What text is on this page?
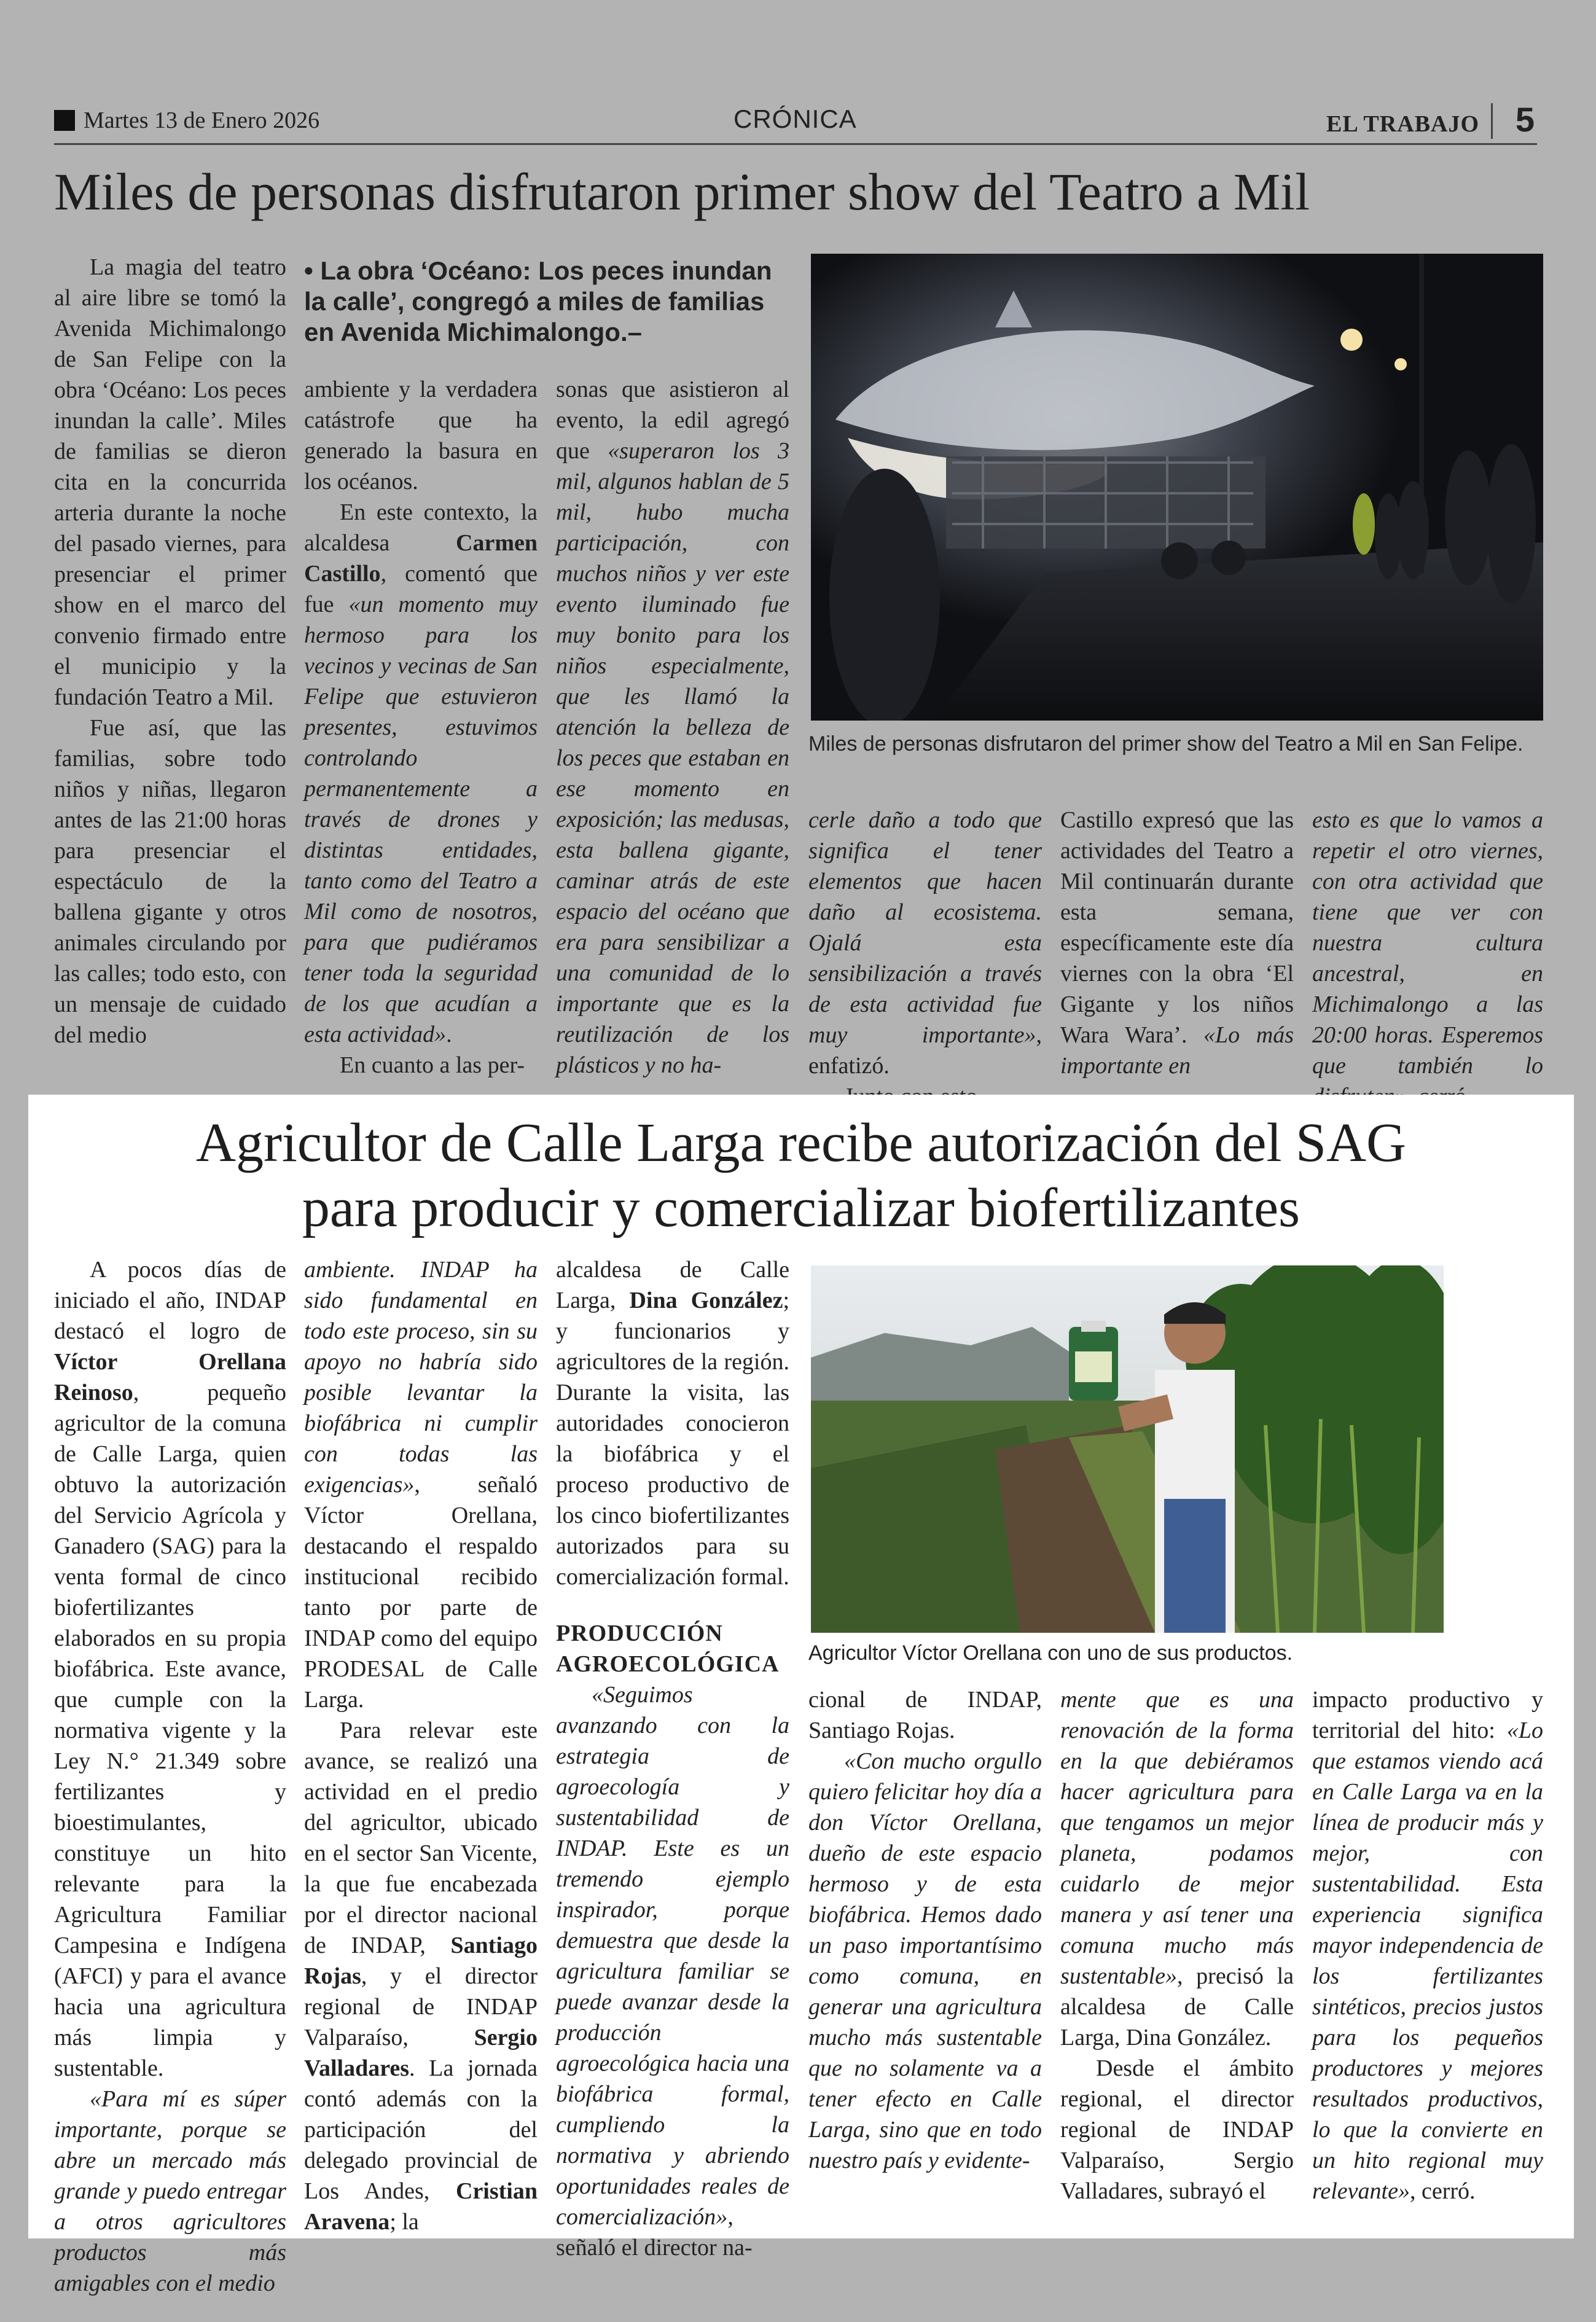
Martes 13 de Enero 2026	CRÓNICA	EL TRABAJO 5
Miles de personas disfrutaron primer show del Teatro a Mil

La magia del teatro al aire libre se tomó la Avenida Michimalongo de San Felipe con la obra ‘Océano: Los peces inundan la calle’. Miles de familias se dieron cita en la concurrida arteria durante la noche del pasado viernes, para presenciar el primer show en el marco del convenio firmado entre el municipio y la fundación Teatro a Mil.

Fue así, que las familias, sobre todo niños y niñas, llegaron antes de las 21:00 horas para presenciar el espectáculo de la ballena gigante y otros animales circulando por las calles; todo esto, con un mensaje de cuidado del medio

• La obra ‘Océano: Los peces inundan la calle’, congregó a miles de familias en Avenida Michimalongo.–

ambiente y la verdadera catástrofe que ha generado la basura en los océanos.

En este contexto, la alcaldesa Carmen Castillo, comentó que fue «un momento muy hermoso para los vecinos y vecinas de San Felipe que estuvieron presentes, estuvimos controlando permanentemente a través de drones y distintas entidades, tanto como del Teatro a Mil como de nosotros, para que pudiéramos tener toda la seguridad de los que acudían a esta actividad».

En cuanto a las per-

sonas que asistieron al evento, la edil agregó que «superaron los 3 mil, algunos hablan de 5 mil, hubo mucha participación, con muchos niños y ver este evento iluminado fue muy bonito para los niños especialmente, que les llamó la atención la belleza de los peces que estaban en ese momento en exposición; las medusas, esta ballena gigante, caminar atrás de este espacio del océano que era para sensibilizar a una comunidad de lo importante que es la reutilización de los plásticos y no ha-

Miles de personas disfrutaron del primer show del Teatro a Mil en San Felipe.

cerle daño a todo que significa el tener elementos que hacen daño al ecosistema. Ojalá esta sensibilización a través de esta actividad fue muy importante», enfatizó.

Castillo expresó que las actividades del Teatro a Mil continuarán durante esta semana, específicamente este día viernes con la obra ‘El Gigante y los niños Wara Wara’. «Lo más importante en

esto es que lo vamos a repetir el otro viernes, con otra actividad que tiene que ver con nuestra cultura ancestral, en Michimalongo a las 20:00 horas. Esperemos que también lo

Agricultor de Calle Larga recibe autorización del SAG
para producir y comercializar biofertilizantes

A pocos días de iniciado el año, INDAP destacó el logro de Víctor Orellana Reinoso, pequeño agricultor de la comuna de Calle Larga, quien obtuvo la autorización del Servicio Agrícola y Ganadero (SAG) para la venta formal de cinco biofertilizantes elaborados en su propia biofábrica. Este avance, que cumple con la normativa vigente y la Ley N.° 21.349 sobre fertilizantes y bioestimulantes, constituye un hito relevante para la Agricultura Familiar Campesina e Indígena (AFCI) y para el avance hacia una agricultura más limpia y sustentable.

«Para mí es súper importante, porque se abre un mercado más grande y puedo entregar a otros agricultores productos más amigables con el medio

ambiente. INDAP ha sido fundamental en todo este proceso, sin su apoyo no habría sido posible levantar la biofábrica ni cumplir con todas las exigencias», señaló Víctor Orellana, destacando el respaldo institucional recibido tanto por parte de INDAP como del equipo PRODESAL de Calle Larga.

Para relevar este avance, se realizó una actividad en el predio del agricultor, ubicado en el sector San Vicente, la que fue encabezada por el director nacional de INDAP, Santiago Rojas, y el director regional de INDAP Valparaíso, Sergio Valladares. La jornada contó además con la participación del delegado provincial de Los Andes, Cristian Aravena; la

alcaldesa de Calle Larga, Dina González; y funcionarios y agricultores de la región. Durante la visita, las autoridades conocieron la biofábrica y el proceso productivo de los cinco biofertilizantes autorizados para su comercialización formal.

PRODUCCIÓN AGROECOLÓGICA

«Seguimos avanzando con la estrategia de agroecología y sustentabilidad de INDAP. Este es un tremendo ejemplo inspirador, porque demuestra que desde la agricultura familiar se puede avanzar desde la producción agroecológica hacia una biofábrica formal, cumpliendo la normativa y abriendo oportunidades reales de comercialización», señaló el director na-

Agricultor Víctor Orellana con uno de sus productos.

cional de INDAP, Santiago Rojas.

«Con mucho orgullo quiero felicitar hoy día a don Víctor Orellana, dueño de este espacio hermoso y de esta biofábrica. Hemos dado un paso importantísimo como comuna, en generar una agricultura mucho más sustentable que no solamente va a tener efecto en Calle Larga, sino que en todo nuestro país y evidente-

mente que es una renovación de la forma en la que debiéramos hacer agricultura para que tengamos un mejor planeta, podamos cuidarlo de mejor manera y así tener una comuna mucho más sustentable», precisó la alcaldesa de Calle Larga, Dina González.

Desde el ámbito regional, el director regional de INDAP Valparaíso, Sergio Valladares, subrayó el

impacto productivo y territorial del hito: «Lo que estamos viendo acá en Calle Larga va en la línea de producir más y mejor, con sustentabilidad. Esta experiencia significa mayor independencia de los fertilizantes sintéticos, precios justos para los pequeños productores y mejores resultados productivos, lo que la convierte en un hito regional muy relevante», cerró.
